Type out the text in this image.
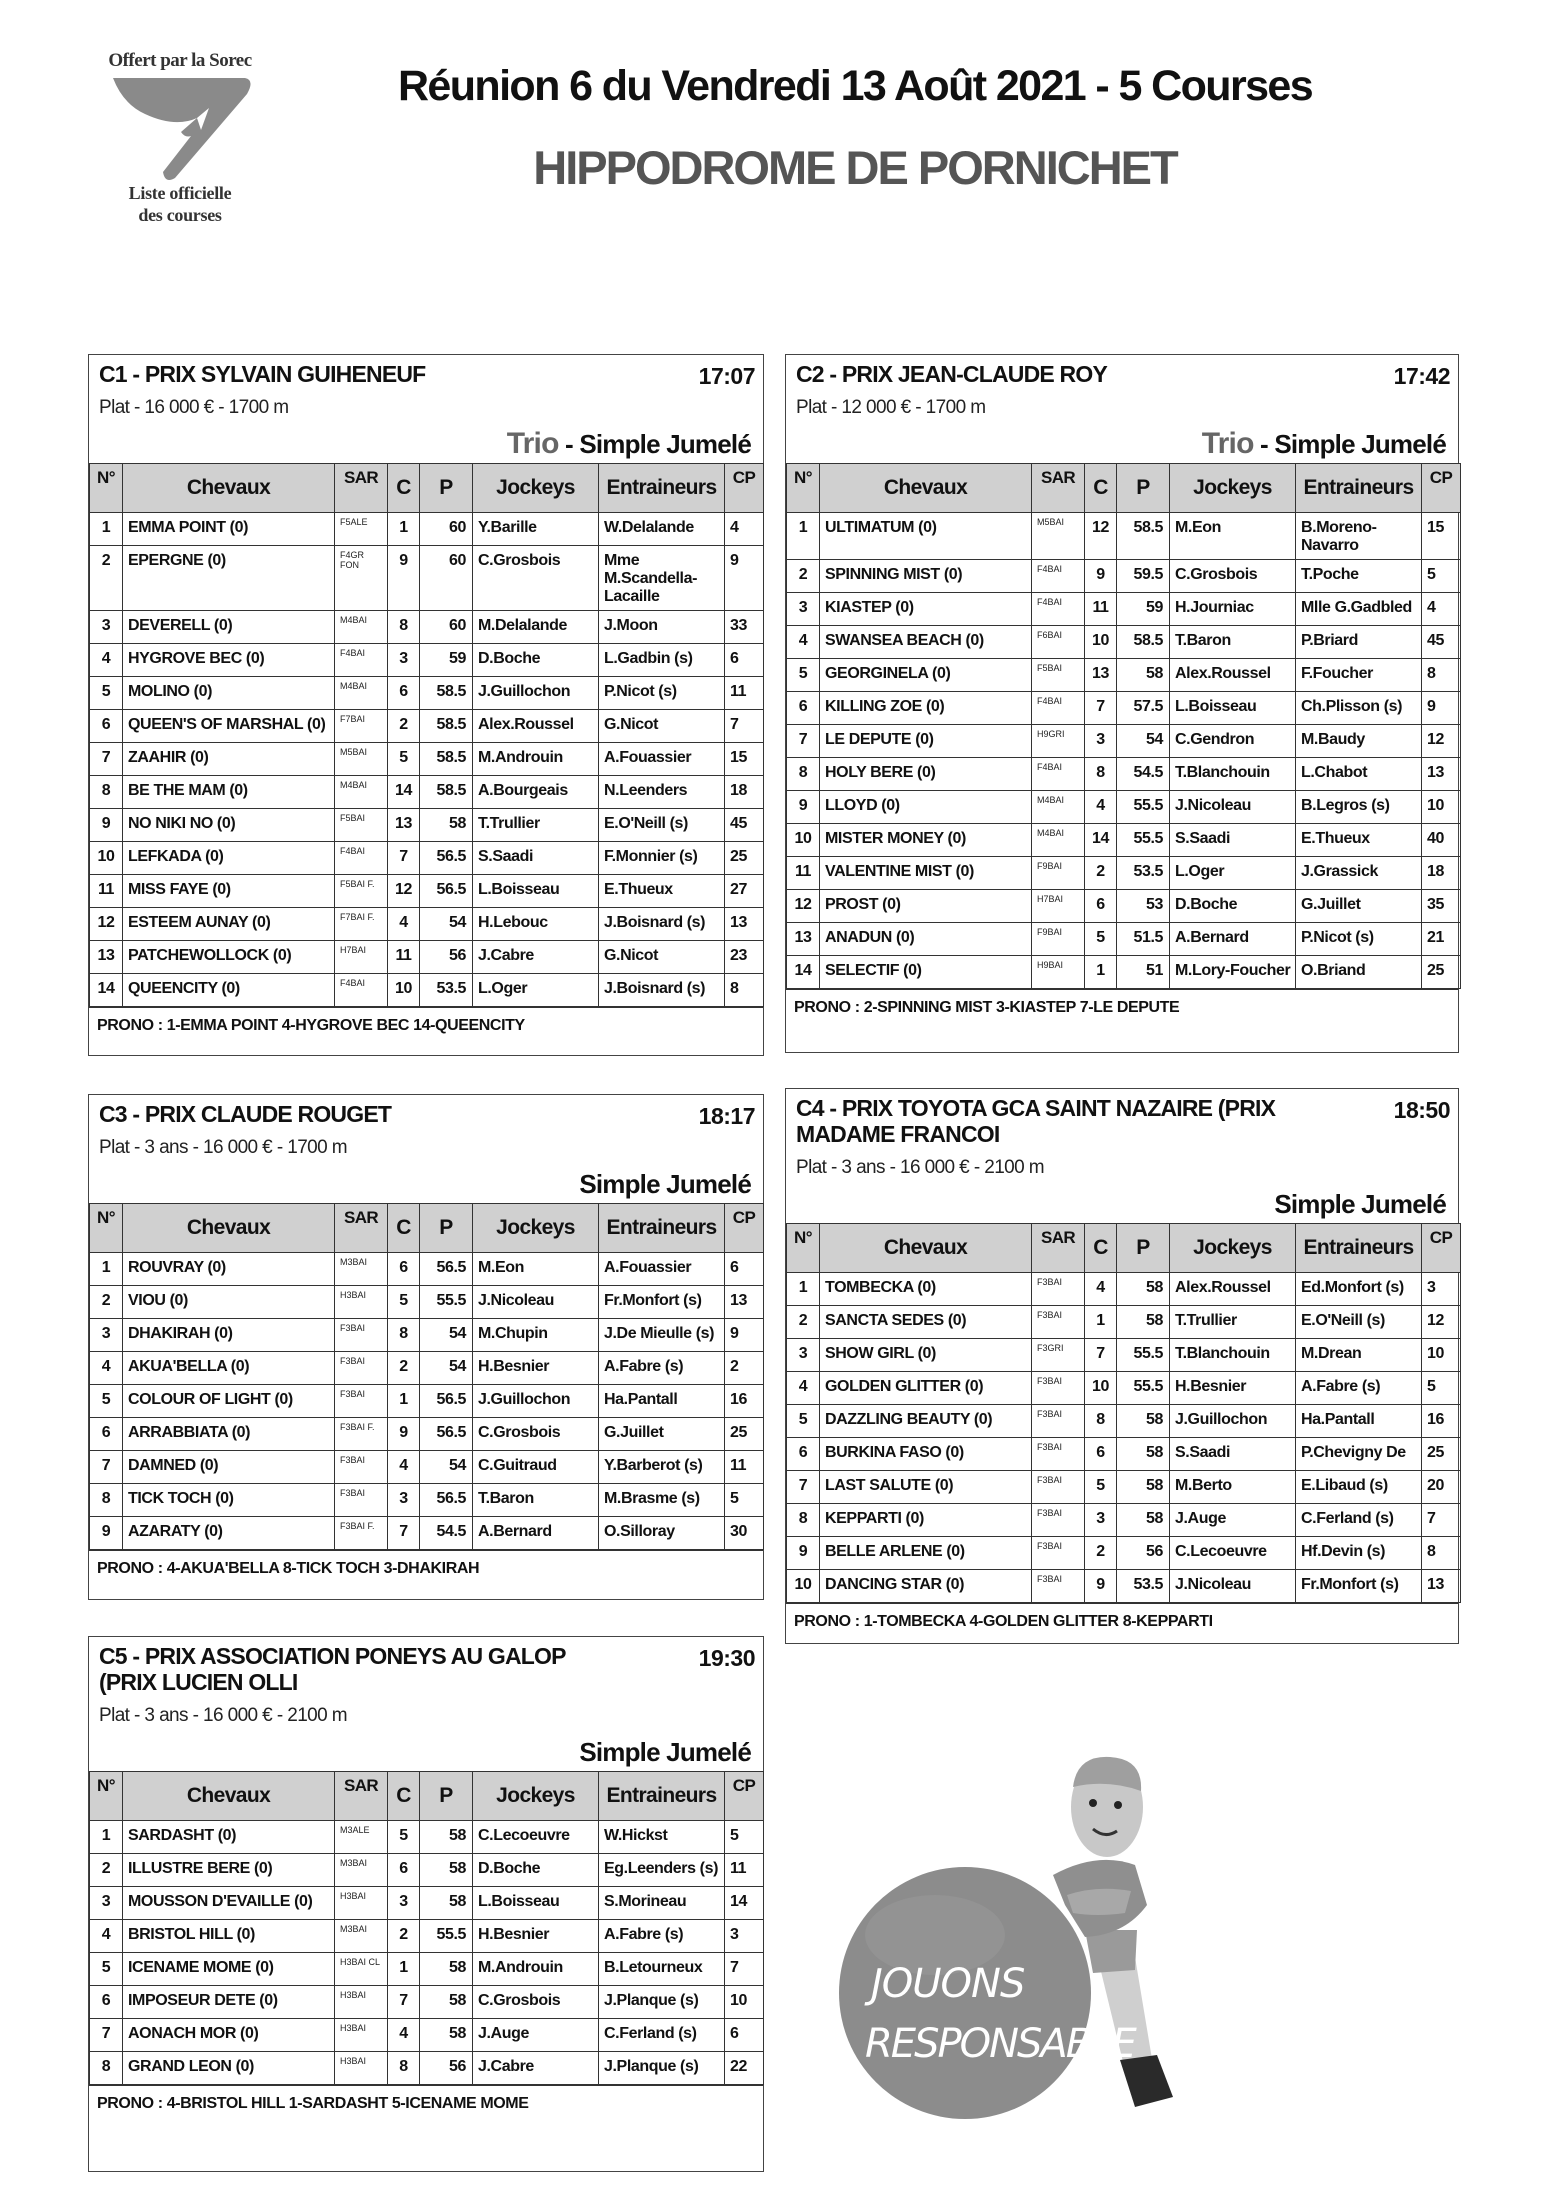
Offert par la Sorec
Liste officielle
des courses
Réunion 6 du Vendredi 13 Août 2021 - 5 Courses
HIPPODROME DE PORNICHET
C1 - PRIX SYLVAIN GUIHENEUF	17:07
Plat - 16 000 € - 1700 m
Trio - Simple Jumelé
N°	Chevaux	SAR	C	P	Jockeys	Entraineurs	CP
1	EMMA POINT (0)	F5ALE	1	60	Y.Barille	W.Delalande	4
2	EPERGNE (0)	F4GR FON	9	60	C.Grosbois	Mme M.Scandella-Lacaille	9
3	DEVERELL (0)	M4BAI	8	60	M.Delalande	J.Moon	33
4	HYGROVE BEC (0)	F4BAI	3	59	D.Boche	L.Gadbin (s)	6
5	MOLINO (0)	M4BAI	6	58.5	J.Guillochon	P.Nicot (s)	11
6	QUEEN'S OF MARSHAL (0)	F7BAI	2	58.5	Alex.Roussel	G.Nicot	7
7	ZAAHIR (0)	M5BAI	5	58.5	M.Androuin	A.Fouassier	15
8	BE THE MAM (0)	M4BAI	14	58.5	A.Bourgeais	N.Leenders	18
9	NO NIKI NO (0)	F5BAI	13	58	T.Trullier	E.O'Neill (s)	45
10	LEFKADA (0)	F4BAI	7	56.5	S.Saadi	F.Monnier (s)	25
11	MISS FAYE (0)	F5BAI F.	12	56.5	L.Boisseau	E.Thueux	27
12	ESTEEM AUNAY (0)	F7BAI F.	4	54	H.Lebouc	J.Boisnard (s)	13
13	PATCHEWOLLOCK (0)	H7BAI	11	56	J.Cabre	G.Nicot	23
14	QUEENCITY (0)	F4BAI	10	53.5	L.Oger	J.Boisnard (s)	8
PRONO : 1-EMMA POINT 4-HYGROVE BEC 14-QUEENCITY
C2 - PRIX JEAN-CLAUDE ROY	17:42
Plat - 12 000 € - 1700 m
Trio - Simple Jumelé
N°	Chevaux	SAR	C	P	Jockeys	Entraineurs	CP
1	ULTIMATUM (0)	M5BAI	12	58.5	M.Eon	B.Moreno-Navarro	15
2	SPINNING MIST (0)	F4BAI	9	59.5	C.Grosbois	T.Poche	5
3	KIASTEP (0)	F4BAI	11	59	H.Journiac	Mlle G.Gadbled	4
4	SWANSEA BEACH (0)	F6BAI	10	58.5	T.Baron	P.Briard	45
5	GEORGINELA (0)	F5BAI	13	58	Alex.Roussel	F.Foucher	8
6	KILLING ZOE (0)	F4BAI	7	57.5	L.Boisseau	Ch.Plisson (s)	9
7	LE DEPUTE (0)	H9GRI	3	54	C.Gendron	M.Baudy	12
8	HOLY BERE (0)	F4BAI	8	54.5	T.Blanchouin	L.Chabot	13
9	LLOYD (0)	M4BAI	4	55.5	J.Nicoleau	B.Legros (s)	10
10	MISTER MONEY (0)	M4BAI	14	55.5	S.Saadi	E.Thueux	40
11	VALENTINE MIST (0)	F9BAI	2	53.5	L.Oger	J.Grassick	18
12	PROST (0)	H7BAI	6	53	D.Boche	G.Juillet	35
13	ANADUN (0)	F9BAI	5	51.5	A.Bernard	P.Nicot (s)	21
14	SELECTIF (0)	H9BAI	1	51	M.Lory-Foucher	O.Briand	25
PRONO : 2-SPINNING MIST 3-KIASTEP 7-LE DEPUTE
C3 - PRIX CLAUDE ROUGET	18:17
Plat - 3 ans - 16 000 € - 1700 m
Simple Jumelé
N°	Chevaux	SAR	C	P	Jockeys	Entraineurs	CP
1	ROUVRAY (0)	M3BAI	6	56.5	M.Eon	A.Fouassier	6
2	VIOU (0)	H3BAI	5	55.5	J.Nicoleau	Fr.Monfort (s)	13
3	DHAKIRAH (0)	F3BAI	8	54	M.Chupin	J.De Mieulle (s)	9
4	AKUA'BELLA (0)	F3BAI	2	54	H.Besnier	A.Fabre (s)	2
5	COLOUR OF LIGHT (0)	F3BAI	1	56.5	J.Guillochon	Ha.Pantall	16
6	ARRABBIATA (0)	F3BAI F.	9	56.5	C.Grosbois	G.Juillet	25
7	DAMNED (0)	F3BAI	4	54	C.Guitraud	Y.Barberot (s)	11
8	TICK TOCH (0)	F3BAI	3	56.5	T.Baron	M.Brasme (s)	5
9	AZARATY (0)	F3BAI F.	7	54.5	A.Bernard	O.Silloray	30
PRONO : 4-AKUA'BELLA 8-TICK TOCH 3-DHAKIRAH
C4 - PRIX TOYOTA GCA SAINT NAZAIRE (PRIX MADAME FRANCOI
18:50
Plat - 3 ans - 16 000 € - 2100 m
Simple Jumelé
N°	Chevaux	SAR	C	P	Jockeys	Entraineurs	CP
1	TOMBECKA (0)	F3BAI	4	58	Alex.Roussel	Ed.Monfort (s)	3
2	SANCTA SEDES (0)	F3BAI	1	58	T.Trullier	E.O'Neill (s)	12
3	SHOW GIRL (0)	F3GRI	7	55.5	T.Blanchouin	M.Drean	10
4	GOLDEN GLITTER (0)	F3BAI	10	55.5	H.Besnier	A.Fabre (s)	5
5	DAZZLING BEAUTY (0)	F3BAI	8	58	J.Guillochon	Ha.Pantall	16
6	BURKINA FASO (0)	F3BAI	6	58	S.Saadi	P.Chevigny De	25
7	LAST SALUTE (0)	F3BAI	5	58	M.Berto	E.Libaud (s)	20
8	KEPPARTI (0)	F3BAI	3	58	J.Auge	C.Ferland (s)	7
9	BELLE ARLENE (0)	F3BAI	2	56	C.Lecoeuvre	Hf.Devin (s)	8
10	DANCING STAR (0)	F3BAI	9	53.5	J.Nicoleau	Fr.Monfort (s)	13
PRONO : 1-TOMBECKA 4-GOLDEN GLITTER 8-KEPPARTI
C5 - PRIX ASSOCIATION PONEYS AU GALOP (PRIX LUCIEN OLLI
19:30
Plat - 3 ans - 16 000 € - 2100 m
Simple Jumelé
N°	Chevaux	SAR	C	P	Jockeys	Entraineurs	CP
1	SARDASHT (0)	M3ALE	5	58	C.Lecoeuvre	W.Hickst	5
2	ILLUSTRE BERE (0)	M3BAI	6	58	D.Boche	Eg.Leenders (s)	11
3	MOUSSON D'EVAILLE (0)	H3BAI	3	58	L.Boisseau	S.Morineau	14
4	BRISTOL HILL (0)	M3BAI	2	55.5	H.Besnier	A.Fabre (s)	3
5	ICENAME MOME (0)	H3BAI CL	1	58	M.Androuin	B.Letourneux	7
6	IMPOSEUR DETE (0)	H3BAI	7	58	C.Grosbois	J.Planque (s)	10
7	AONACH MOR (0)	H3BAI	4	58	J.Auge	C.Ferland (s)	6
8	GRAND LEON (0)	H3BAI	8	56	J.Cabre	J.Planque (s)	22
PRONO : 4-BRISTOL HILL 1-SARDASHT 5-ICENAME MOME
JOUONS
RESPONSABLE
